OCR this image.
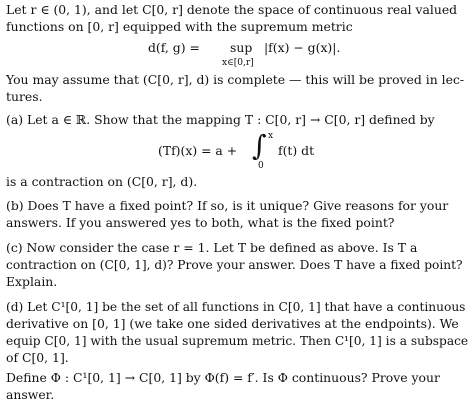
Let r ∈ (0, 1), and let C[0, r] denote the space of continuous real valued
functions on [0, r] equipped with the supremum metric
d(f, g) = sup
x∈[0,r]
|f(x) − g(x)|.
You may assume that (C[0, r], d) is complete — this will be proved in lec-
tures.
(a) Let a ∈ ℝ. Show that the mapping T : C[0, r] → C[0, r] defined by
(Tf)(x) = a + ∫ x
0
f(t) dt
is a contraction on (C[0, r], d).
(b) Does T have a fixed point? If so, is it unique? Give reasons for your
answers. If you answered yes to both, what is the fixed point?
(c) Now consider the case r = 1. Let T be defined as above. Is T a
contraction on (C[0, 1], d)? Prove your answer. Does T have a fixed point?
Explain.
(d) Let C¹[0, 1] be the set of all functions in C[0, 1] that have a continuous
derivative on [0, 1] (we take one sided derivatives at the endpoints). We
equip C[0, 1] with the usual supremum metric. Then C¹[0, 1] is a subspace
of C[0, 1].
Define Φ : C¹[0, 1] → C[0, 1] by Φ(f) = f′. Is Φ continuous? Prove your
answer.
